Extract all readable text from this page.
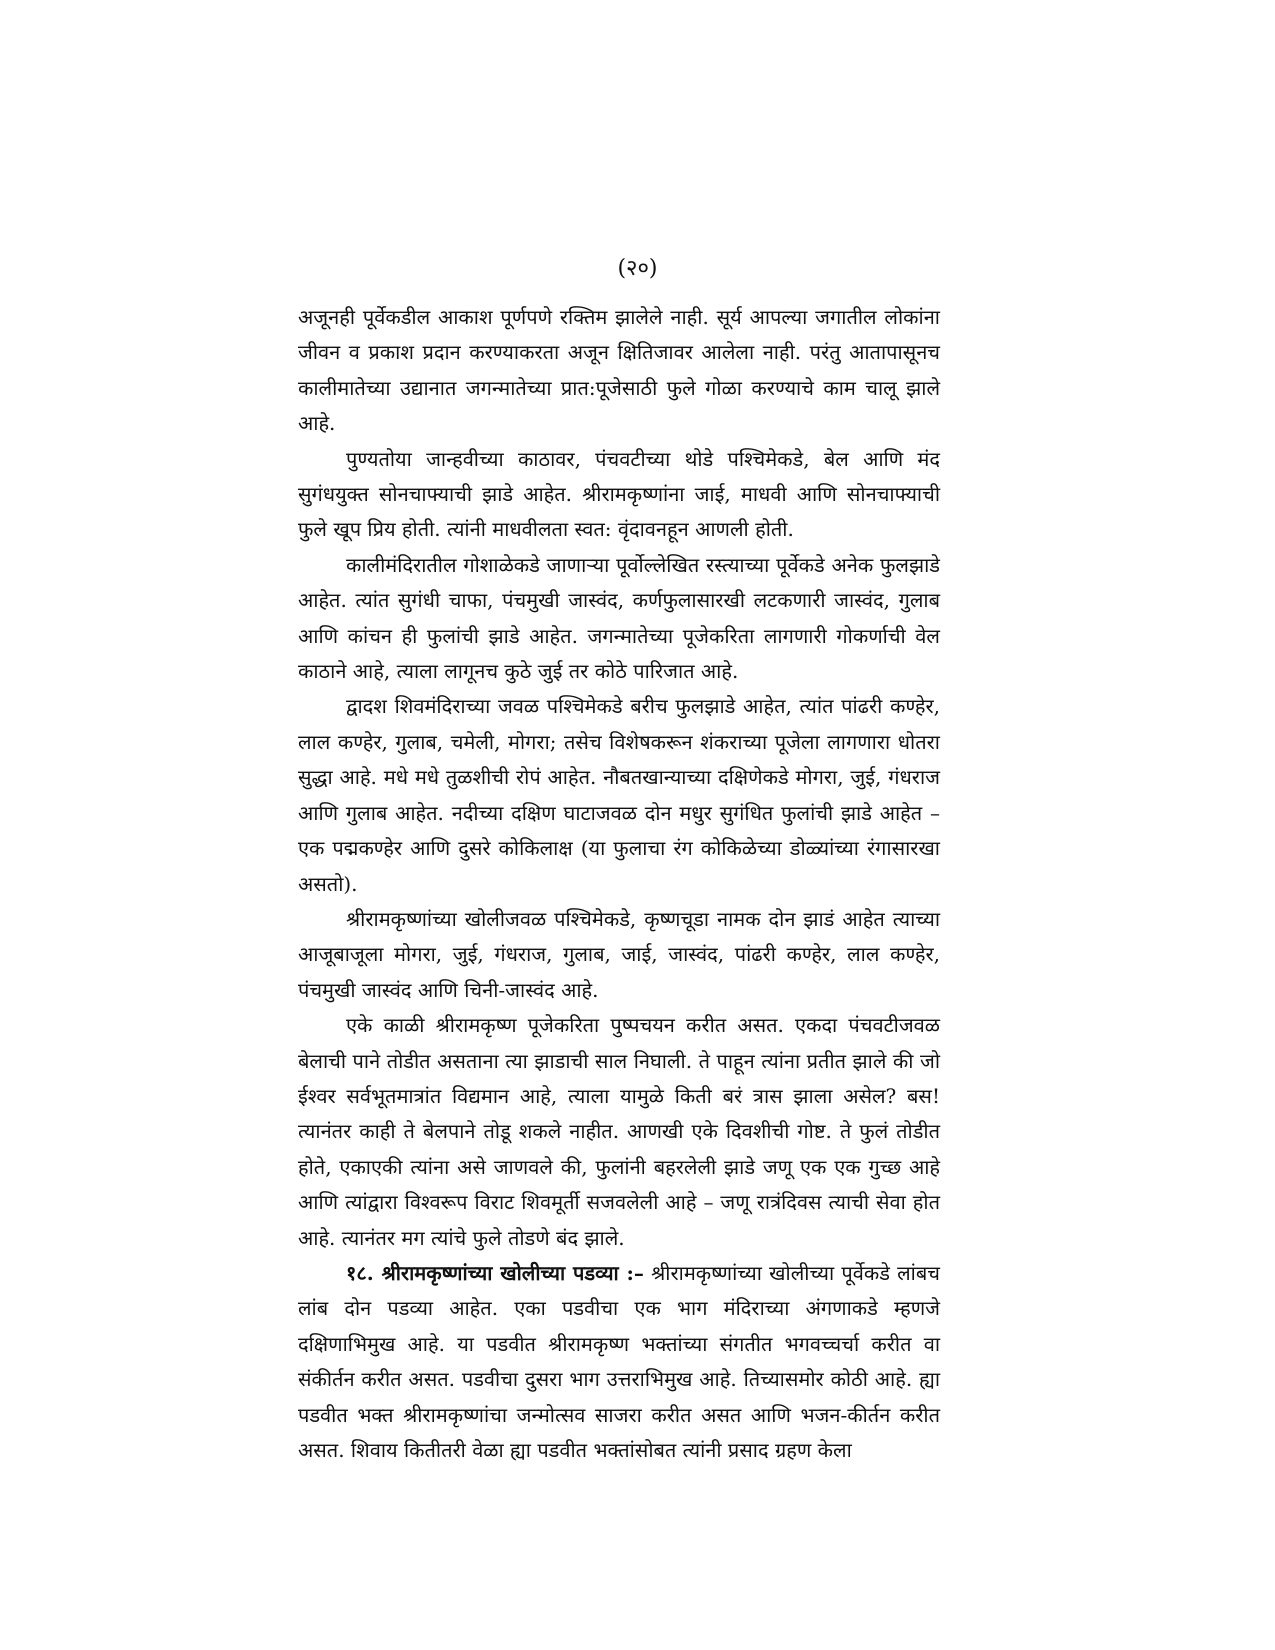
(२०)

अजूनही पूर्वेकडील आकाश पूर्णपणे रक्तिम झालेले नाही. सूर्य आपल्या जगातील लोकांना जीवन व प्रकाश प्रदान करण्याकरता अजून क्षितिजावर आलेला नाही. परंतु आतापासूनच कालीमातेच्या उद्यानात जगन्मातेच्या प्रात:पूजेसाठी फुले गोळा करण्याचे काम चालू झाले आहे.

पुण्यतोया जान्हवीच्या काठावर, पंचवटीच्या थोडे पश्चिमेकडे, बेल आणि मंद सुगंधयुक्त सोनचाफ्याची झाडे आहेत. श्रीरामकृष्णांना जाई, माधवी आणि सोनचाफ्याची फुले खूप प्रिय होती. त्यांनी माधवीलता स्वत: वृंदावनहून आणली होती.

कालीमंदिरातील गोशाळेकडे जाणाऱ्या पूर्वोल्लेखित रस्त्याच्या पूर्वेकडे अनेक फुलझाडे आहेत. त्यांत सुगंधी चाफा, पंचमुखी जास्वंद, कर्णफुलासारखी लटकणारी जास्वंद, गुलाब आणि कांचन ही फुलांची झाडे आहेत. जगन्मातेच्या पूजेकरिता लागणारी गोकर्णाची वेल काठाने आहे, त्याला लागूनच कुठे जुई तर कोठे पारिजात आहे.

द्वादश शिवमंदिराच्या जवळ पश्चिमेकडे बरीच फुलझाडे आहेत, त्यांत पांढरी कण्हेर, लाल कण्हेर, गुलाब, चमेली, मोगरा; तसेच विशेषकरून शंकराच्या पूजेला लागणारा धोतरा सुद्धा आहे. मधे मधे तुळशीची रोपं आहेत. नौबतखान्याच्या दक्षिणेकडे मोगरा, जुई, गंधराज आणि गुलाब आहेत. नदीच्या दक्षिण घाटाजवळ दोन मधुर सुगंधित फुलांची झाडे आहेत – एक पद्मकण्हेर आणि दुसरे कोकिलाक्ष (या फुलाचा रंग कोकिळेच्या डोळ्यांच्या रंगासारखा असतो).

श्रीरामकृष्णांच्या खोलीजवळ पश्चिमेकडे, कृष्णचूडा नामक दोन झाडं आहेत त्याच्या आजूबाजूला मोगरा, जुई, गंधराज, गुलाब, जाई, जास्वंद, पांढरी कण्हेर, लाल कण्हेर, पंचमुखी जास्वंद आणि चिनी-जास्वंद आहे.

एके काळी श्रीरामकृष्ण पूजेकरिता पुष्पचयन करीत असत. एकदा पंचवटीजवळ बेलाची पाने तोडीत असताना त्या झाडाची साल निघाली. ते पाहून त्यांना प्रतीत झाले की जो ईश्वर सर्वभूतमात्रांत विद्यमान आहे, त्याला यामुळे किती बरं त्रास झाला असेल? बस! त्यानंतर काही ते बेलपाने तोडू शकले नाहीत. आणखी एके दिवशीची गोष्ट. ते फुलं तोडीत होते, एकाएकी त्यांना असे जाणवले की, फुलांनी बहरलेली झाडे जणू एक एक गुच्छ आहे आणि त्यांद्वारा विश्वरूप विराट शिवमूर्ती सजवलेली आहे – जणू रात्रंदिवस त्याची सेवा होत आहे. त्यानंतर मग त्यांचे फुले तोडणे बंद झाले.

१८. श्रीरामकृष्णांच्या खोलीच्या पडव्या :– श्रीरामकृष्णांच्या खोलीच्या पूर्वेकडे लांबच लांब दोन पडव्या आहेत. एका पडवीचा एक भाग मंदिराच्या अंगणाकडे म्हणजे दक्षिणाभिमुख आहे. या पडवीत श्रीरामकृष्ण भक्तांच्या संगतीत भगवच्चर्चा करीत वा संकीर्तन करीत असत. पडवीचा दुसरा भाग उत्तराभिमुख आहे. तिच्यासमोर कोठी आहे. ह्या पडवीत भक्त श्रीरामकृष्णांचा जन्मोत्सव साजरा करीत असत आणि भजन-कीर्तन करीत असत. शिवाय कितीतरी वेळा ह्या पडवीत भक्तांसोबत त्यांनी प्रसाद ग्रहण केला
